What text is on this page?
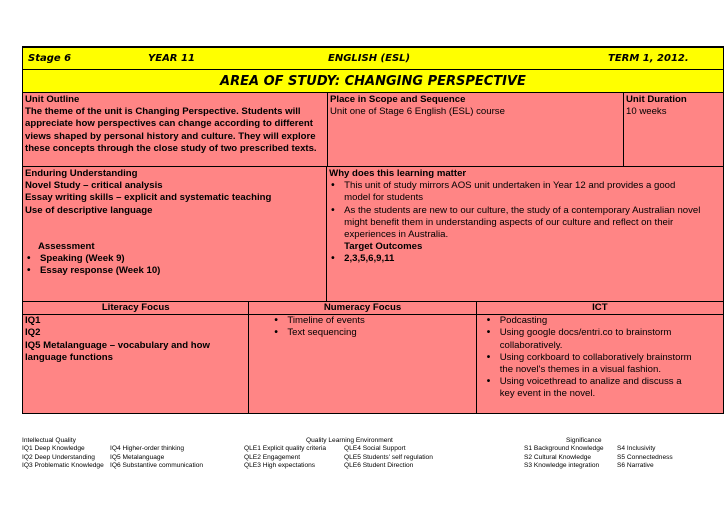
Stage 6	YEAR 11	ENGLISH (ESL)	TERM 1, 2012.
AREA OF STUDY: CHANGING PERSPECTIVE
Unit Outline
The theme of the unit is Changing Perspective. Students will appreciate how perspectives can change according to different views shaped by personal history and culture. They will explore these concepts through the close study of two prescribed texts.
Place in Scope and Sequence
Unit one of Stage 6 English (ESL) course
Unit Duration
10 weeks
Enduring Understanding
Novel Study – critical analysis
Essay writing skills – explicit and systematic teaching
Use of descriptive language
Assessment
• Speaking (Week 9)
• Essay response (Week 10)
Why does this learning matter
• This unit of study mirrors AOS unit undertaken in Year 12 and provides a good model for students
• As the students are new to our culture, the study of a contemporary Australian novel might benefit them in understanding aspects of our culture and reflect on their experiences in Australia.
Target Outcomes
• 2,3,5,6,9,11
Literacy Focus
IQ1
IQ2
IQ5 Metalanguage – vocabulary and how language functions
Numeracy Focus
• Timeline of events
• Text sequencing
ICT
• Podcasting
• Using google docs/entri.co to brainstorm collaboratively.
• Using corkboard to collaboratively brainstorm the novel's themes in a visual fashion.
• Using voicethread to analize and discuss a key event in the novel.
Intellectual Quality
IQ1 Deep Knowledge	IQ4 Higher-order thinking
IQ2 Deep Understanding	IQ5 Metalanguage
IQ3 Problematic Knowledge IQ6 Substantive communication
Quality Learning Environment
QLE1 Explicit quality criteria	QLE4 Social Support
QLE2 Engagement	QLE5 Students' self regulation
QLE3 High expectations	QLE6 Student Direction
Significance
S1 Background Knowledge	S4 Inclusivity
S2 Cultural Knowledge	S5 Connectedness
S3 Knowledge integration	S6 Narrative
